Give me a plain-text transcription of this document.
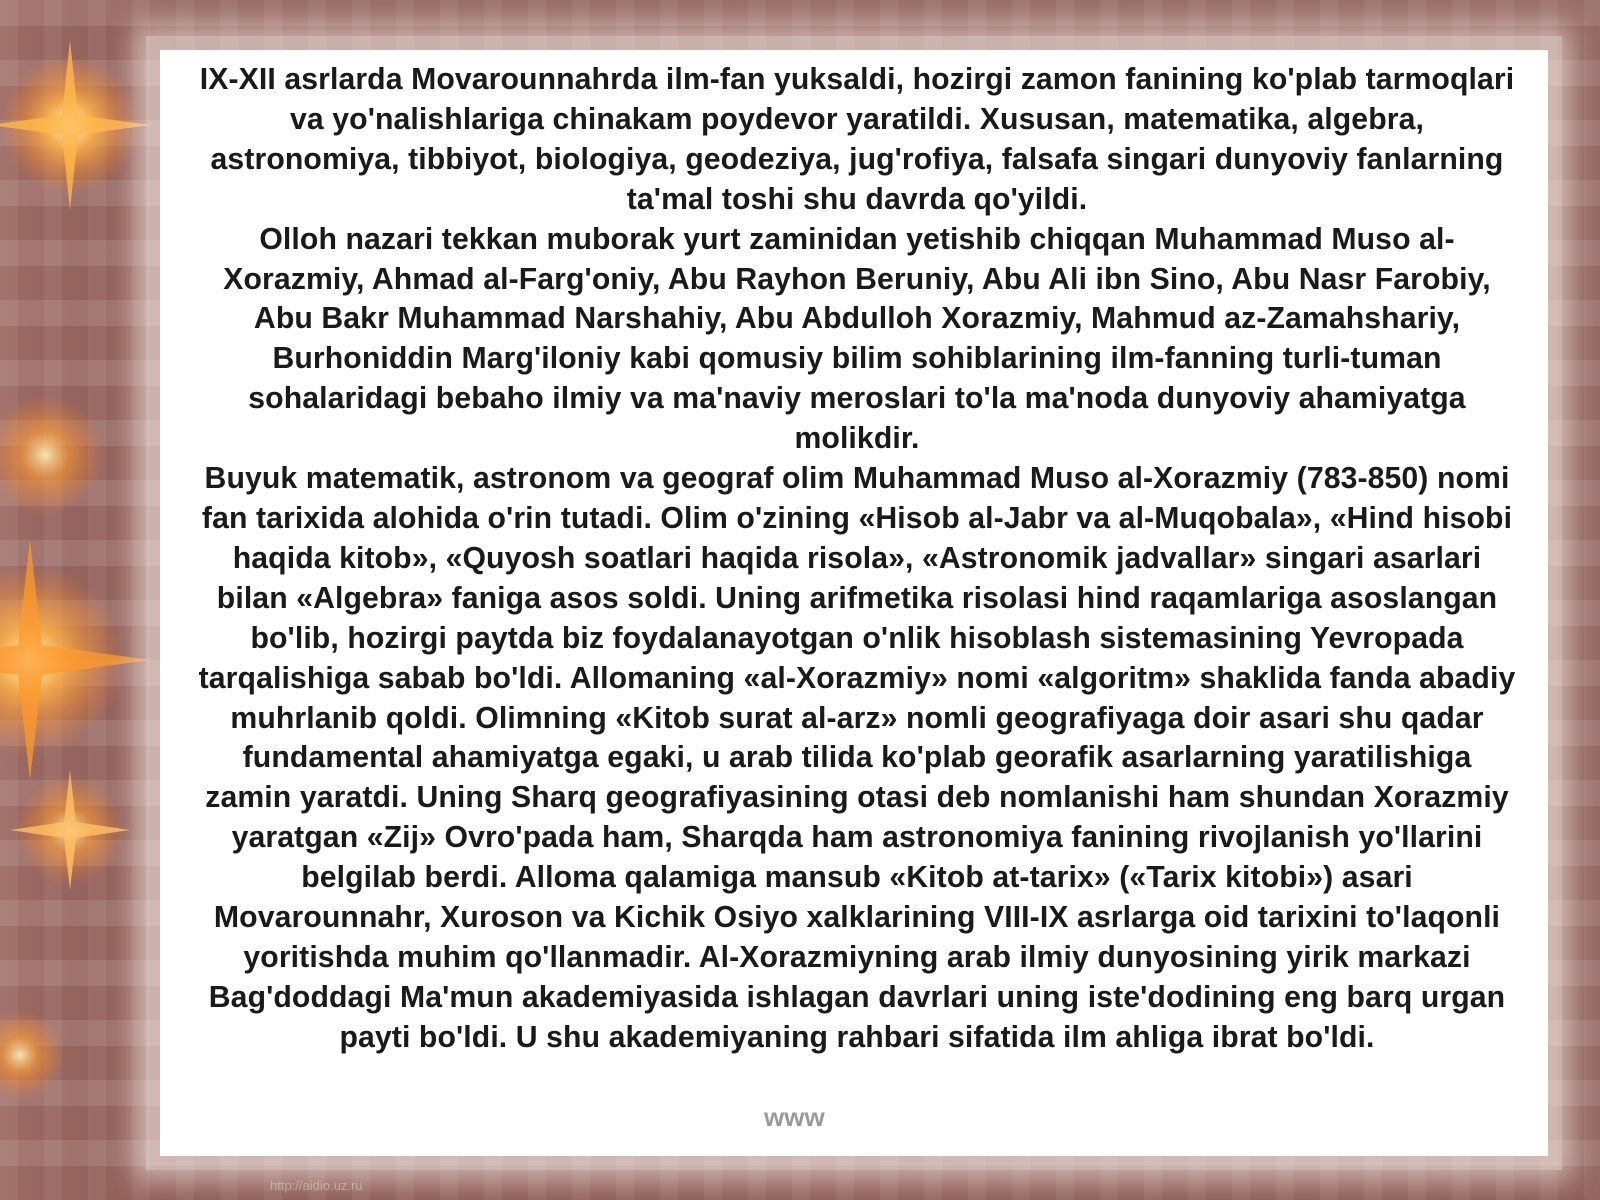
IX-XII asrlarda Movarounnahrda ilm-fan yuksaldi, hozirgi zamon fanining ko'plab tarmoqlari va yo'nalishlariga chinakam poydevor yaratildi. Xususan, matematika, algebra, astronomiya, tibbiyot, biologiya, geodeziya, jug'rofiya, falsafa singari dunyoviy fanlarning ta'mal toshi shu davrda qo'yildi.

Olloh nazari tekkan muborak yurt zaminidan yetishib chiqqan Muhammad Muso al-Xorazmiy, Ahmad al-Farg'oniy, Abu Rayhon Beruniy, Abu Ali ibn Sino, Abu Nasr Farobiy, Abu Bakr Muhammad Narshahiy, Abu Abdulloh Xorazmiy, Mahmud az-Zamahshariy, Burhoniddin Marg'iloniy kabi qomusiy bilim sohiblarining ilm-fanning turli-tuman sohalaridagi bebaho ilmiy va ma'naviy meroslari to'la ma'noda dunyoviy ahamiyatga molikdir.

Buyuk matematik, astronom va geograf olim Muhammad Muso al-Xorazmiy (783-850) nomi fan tarixida alohida o'rin tutadi. Olim o'zining «Hisob al-Jabr va al-Muqobala», «Hind hisobi haqida kitob», «Quyosh soatlari haqida risola», «Astronomik jadvallar» singari asarlari bilan «Algebra» faniga asos soldi. Uning arifmetika risolasi hind raqamlariga asoslangan bo'lib, hozirgi paytda biz foydalanayotgan o'nlik hisoblash sistemasining Yevropada tarqalishiga sabab bo'ldi. Allomaning «al-Xorazmiy» nomi «algoritm» shaklida fanda abadiy muhrlanib qoldi. Olimning «Kitob surat al-arz» nomli geografiyaga doir asari shu qadar fundamental ahamiyatga egaki, u arab tilida ko'plab georafik asarlarning yaratilishiga zamin yaratdi. Uning Sharq geografiyasining otasi deb nomlanishi ham shundan Xorazmiy yaratgan «Zij» Ovro'pada ham, Sharqda ham astronomiya fanining rivojlanish yo'llarini belgilab berdi. Alloma qalamiga mansub «Kitob at-tarix» («Tarix kitobi») asari Movarounnahr, Xuroson va Kichik Osiyo xalklarining VIII-IX asrlarga oid tarixini to'laqonli yoritishda muhim qo'llanmadir. Al-Xorazmiyning arab ilmiy dunyosining yirik markazi Bag'doddagi Ma'mun akademiyasida ishlagan davrlari uning iste'dodining eng barq urgan payti bo'ldi. U shu akademiyaning rahbari sifatida ilm ahliga ibrat bo'ldi.

www
http://aidio.uz.ru
